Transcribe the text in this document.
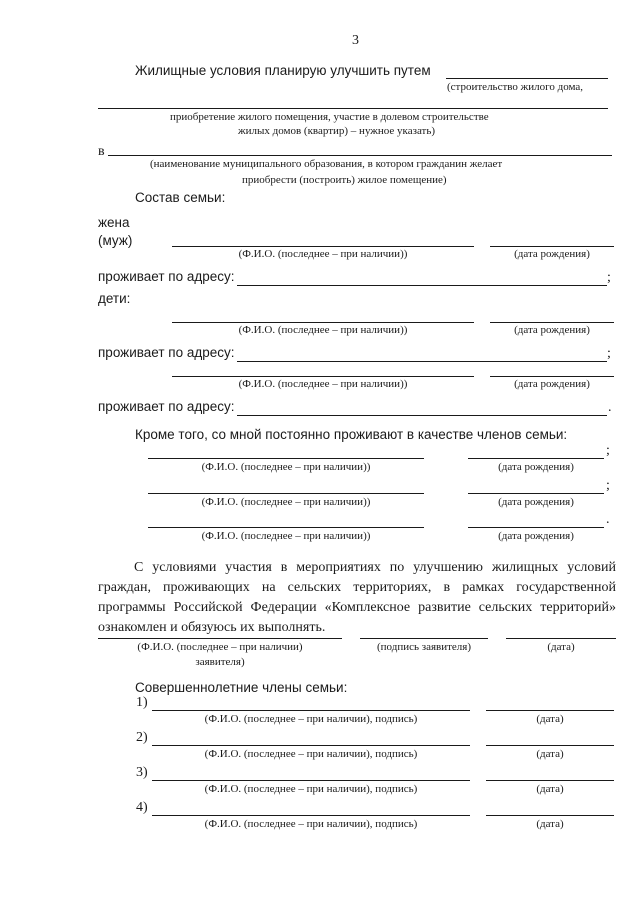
3
Жилищные условия планирую улучшить путем
(строительство жилого дома,
приобретение жилого помещения, участие в долевом строительстве
жилых домов (квартир) – нужное указать)
в
(наименование муниципального образования, в котором гражданин желает
приобрести (построить) жилое помещение)
Состав семьи:
жена
(муж)
(Ф.И.О. (последнее – при наличии))	(дата рождения)
проживает по адресу:	;
дети:
(Ф.И.О. (последнее – при наличии))	(дата рождения)
проживает по адресу:	;
(Ф.И.О. (последнее – при наличии))	(дата рождения)
проживает по адресу:	.
Кроме того, со мной постоянно проживают в качестве членов семьи:
;
(Ф.И.О. (последнее – при наличии))	(дата рождения)
;
(Ф.И.О. (последнее – при наличии))	(дата рождения)
.
(Ф.И.О. (последнее – при наличии))	(дата рождения)
С условиями участия в мероприятиях по улучшению жилищных условий граждан, проживающих на сельских территориях, в рамках государственной программы Российской Федерации «Комплексное развитие сельских территорий» ознакомлен и обязуюсь их выполнять.
(Ф.И.О. (последнее – при наличии)
заявителя)
(подпись заявителя)	(дата)
Совершеннолетние члены семьи:
1)
(Ф.И.О. (последнее – при наличии), подпись)	(дата)
2)
(Ф.И.О. (последнее – при наличии), подпись)	(дата)
3)
(Ф.И.О. (последнее – при наличии), подпись)	(дата)
4)
(Ф.И.О. (последнее – при наличии), подпись)	(дата)
